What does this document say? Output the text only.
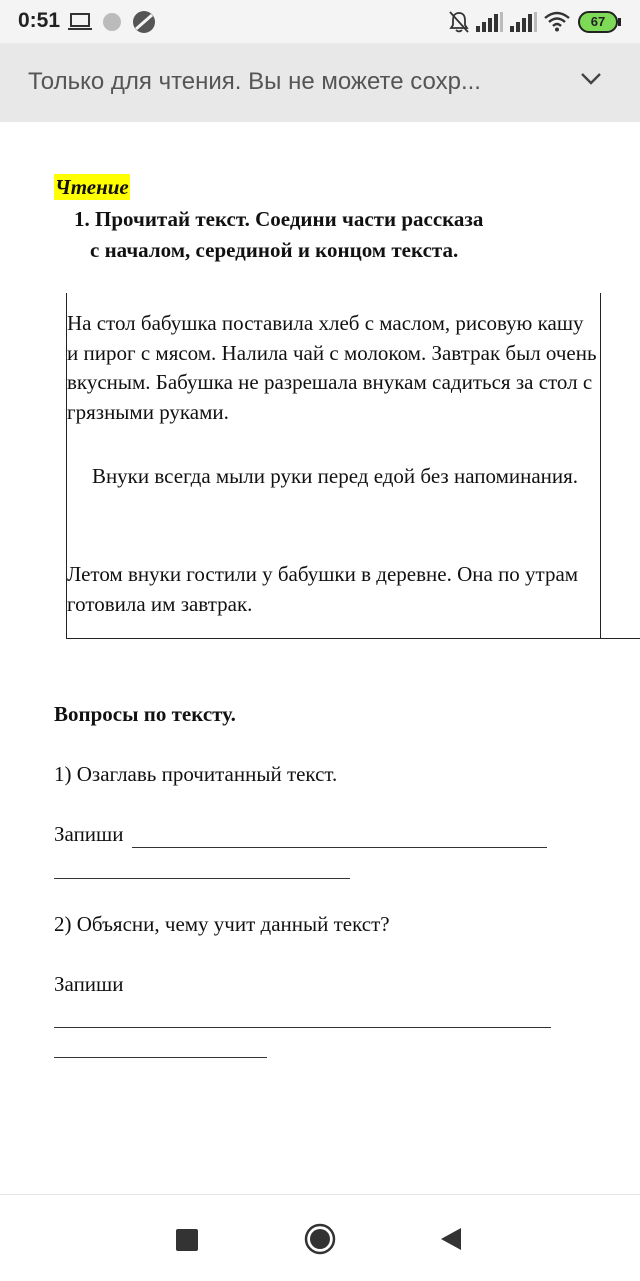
0:51	67
Только для чтения. Вы не можете сохр...
Чтение
1. Прочитай текст. Соедини части рассказа
с началом, серединой и концом текста.
На стол бабушка поставила хлеб с маслом, рисовую кашу и пирог с мясом. Налила чай с молоком. Завтрак был очень вкусным. Бабушка не разрешала внукам садиться за стол с грязными руками.
Внуки всегда мыли руки перед едой без напоминания.
Летом внуки гостили у бабушки в деревне. Она по утрам готовила им завтрак.
Вопросы по тексту.
1) Озаглавь прочитанный текст.
Запиши
2) Объясни, чему учит данный текст?
Запиши
